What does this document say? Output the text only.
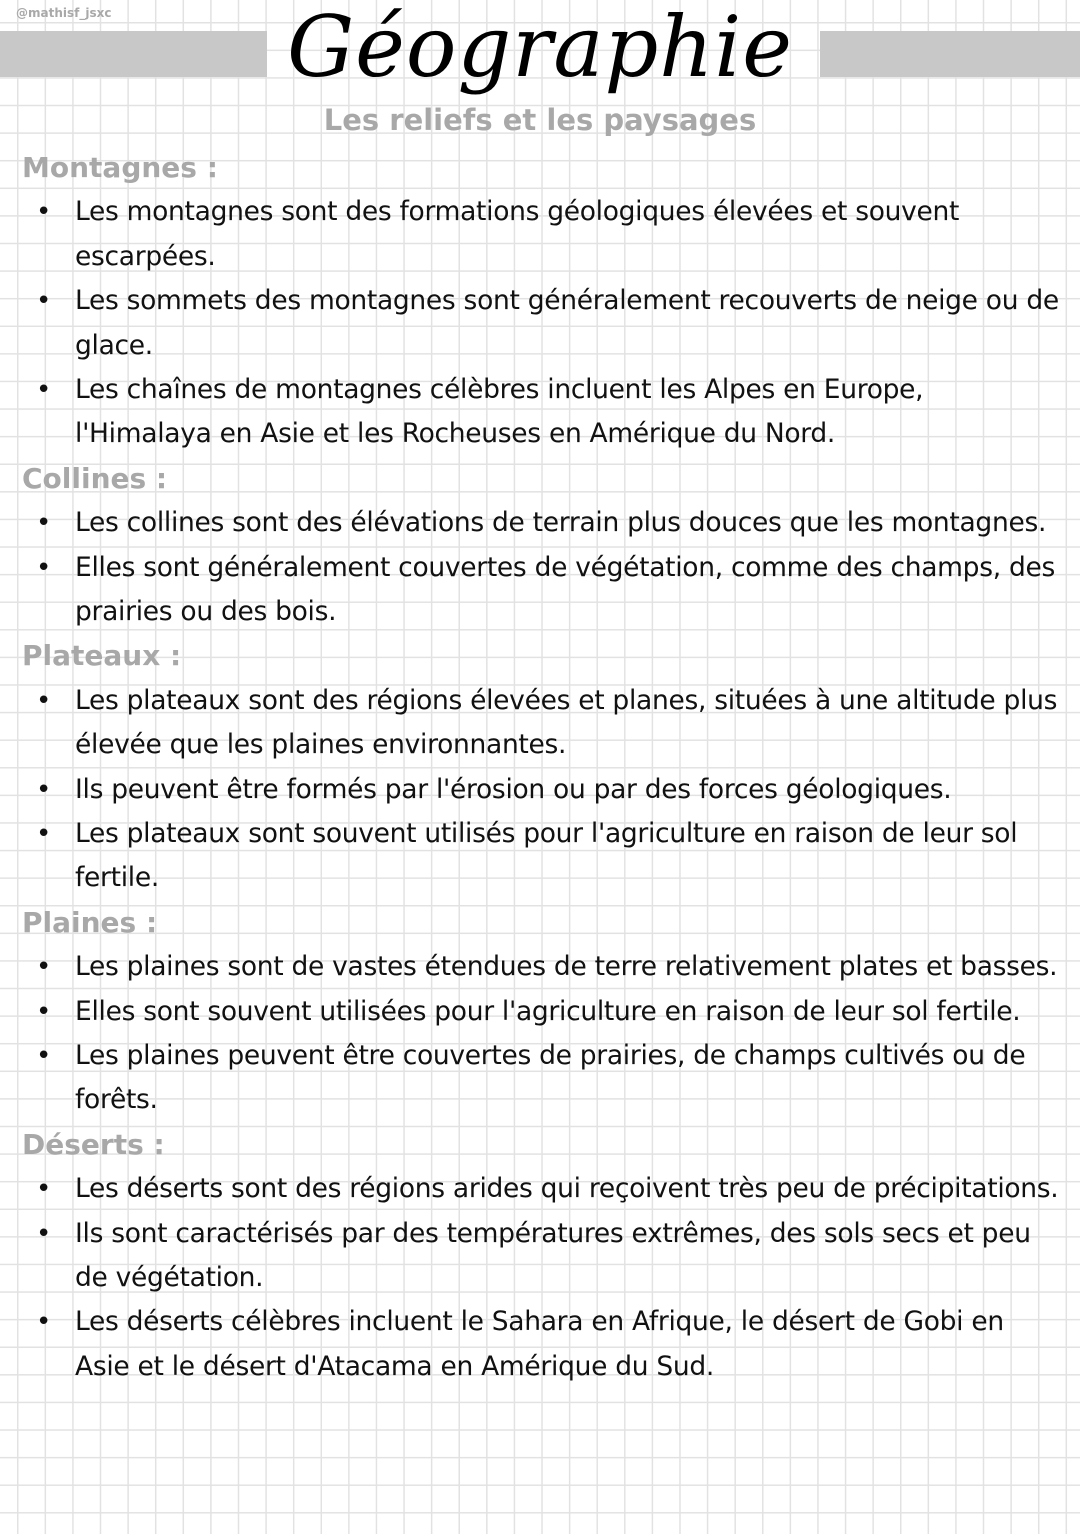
@mathisf_jsxc	Géographie
Les reliefs et les paysages
Montagnes :
• Les montagnes sont des formations géologiques élevées et souvent escarpées.
• Les sommets des montagnes sont généralement recouverts de neige ou de glace.
• Les chaînes de montagnes célèbres incluent les Alpes en Europe, l'Himalaya en Asie et les Rocheuses en Amérique du Nord.
Collines :
• Les collines sont des élévations de terrain plus douces que les montagnes.
• Elles sont généralement couvertes de végétation, comme des champs, des prairies ou des bois.
Plateaux :
• Les plateaux sont des régions élevées et planes, situées à une altitude plus élevée que les plaines environnantes.
• Ils peuvent être formés par l'érosion ou par des forces géologiques.
• Les plateaux sont souvent utilisés pour l'agriculture en raison de leur sol fertile.
Plaines :
• Les plaines sont de vastes étendues de terre relativement plates et basses.
• Elles sont souvent utilisées pour l'agriculture en raison de leur sol fertile.
• Les plaines peuvent être couvertes de prairies, de champs cultivés ou de forêts.
Déserts :
• Les déserts sont des régions arides qui reçoivent très peu de précipitations.
• Ils sont caractérisés par des températures extrêmes, des sols secs et peu de végétation.
• Les déserts célèbres incluent le Sahara en Afrique, le désert de Gobi en Asie et le désert d'Atacama en Amérique du Sud.
